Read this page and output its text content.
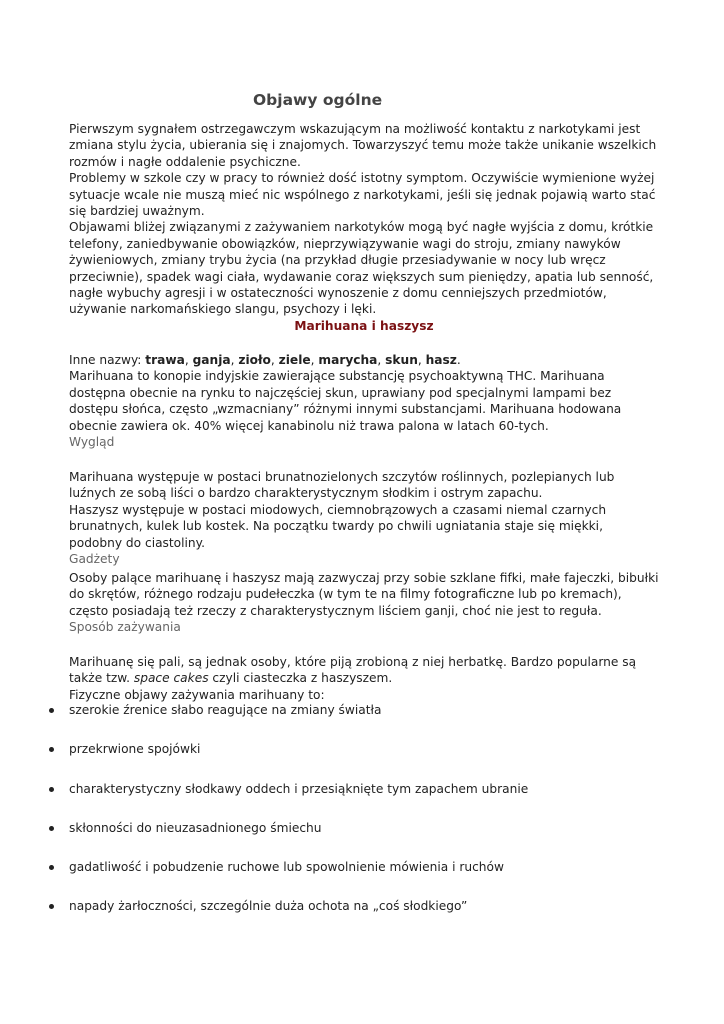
Objawy ogólne

Pierwszym sygnałem ostrzegawczym wskazującym na możliwość kontaktu z narkotykami jest zmiana stylu życia, ubierania się i znajomych. Towarzyszyć temu może także unikanie wszelkich rozmów i nagłe oddalenie psychiczne.

Problemy w szkole czy w pracy to również dość istotny symptom. Oczywiście wymienione wyżej sytuacje wcale nie muszą mieć nic wspólnego z narkotykami, jeśli się jednak pojawią warto stać się bardziej uważnym.

Objawami bliżej związanymi z zażywaniem narkotyków mogą być nagłe wyjścia z domu, krótkie telefony, zaniedbywanie obowiązków, nieprzywiązywanie wagi do stroju, zmiany nawyków żywieniowych, zmiany trybu życia (na przykład długie przesiadywanie w nocy lub wręcz przeciwnie), spadek wagi ciała, wydawanie coraz większych sum pieniędzy, apatia lub senność, nagłe wybuchy agresji i w ostateczności wynoszenie z domu cenniejszych przedmiotów, używanie narkomańskiego slangu, psychozy i lęki.

Marihuana i haszysz

Inne nazwy: trawa, ganja, zioło, ziele, marycha, skun, hasz.

Marihuana to konopie indyjskie zawierające substancję psychoaktywną THC. Marihuana dostępna obecnie na rynku to najczęściej skun, uprawiany pod specjalnymi lampami bez dostępu słońca, często „wzmacniany” różnymi innymi substancjami. Marihuana hodowana obecnie zawiera ok. 40% więcej kanabinolu niż trawa palona w latach 60-tych.

Wygląd

Marihuana występuje w postaci brunatnozielonych szczytów roślinnych, pozlepianych lub luźnych ze sobą liści o bardzo charakterystycznym słodkim i ostrym zapachu.

Haszysz występuje w postaci miodowych, ciemnobrązowych a czasami niemal czarnych brunatnych, kulek lub kostek. Na początku twardy po chwili ugniatania staje się miękki, podobny do ciastoliny.

Gadżety

Osoby palące marihuanę i haszysz mają zazwyczaj przy sobie szklane fifki, małe fajeczki, bibułki do skrętów, różnego rodzaju pudełeczka (w tym te na filmy fotograficzne lub po kremach), często posiadają też rzeczy z charakterystycznym liściem ganji, choć nie jest to reguła.

Sposób zażywania

Marihuanę się pali, są jednak osoby, które piją zrobioną z niej herbatkę. Bardzo popularne są także tzw. space cakes czyli ciasteczka z haszyszem.

Fizyczne objawy zażywania marihuany to:

szerokie źrenice słabo reagujące na zmiany światła
przekrwione spojówki
charakterystyczny słodkawy oddech i przesiąknięte tym zapachem ubranie
skłonności do nieuzasadnionego śmiechu
gadatliwość i pobudzenie ruchowe lub spowolnienie mówienia i ruchów
napady żarłoczności, szczególnie duża ochota na „coś słodkiego”
